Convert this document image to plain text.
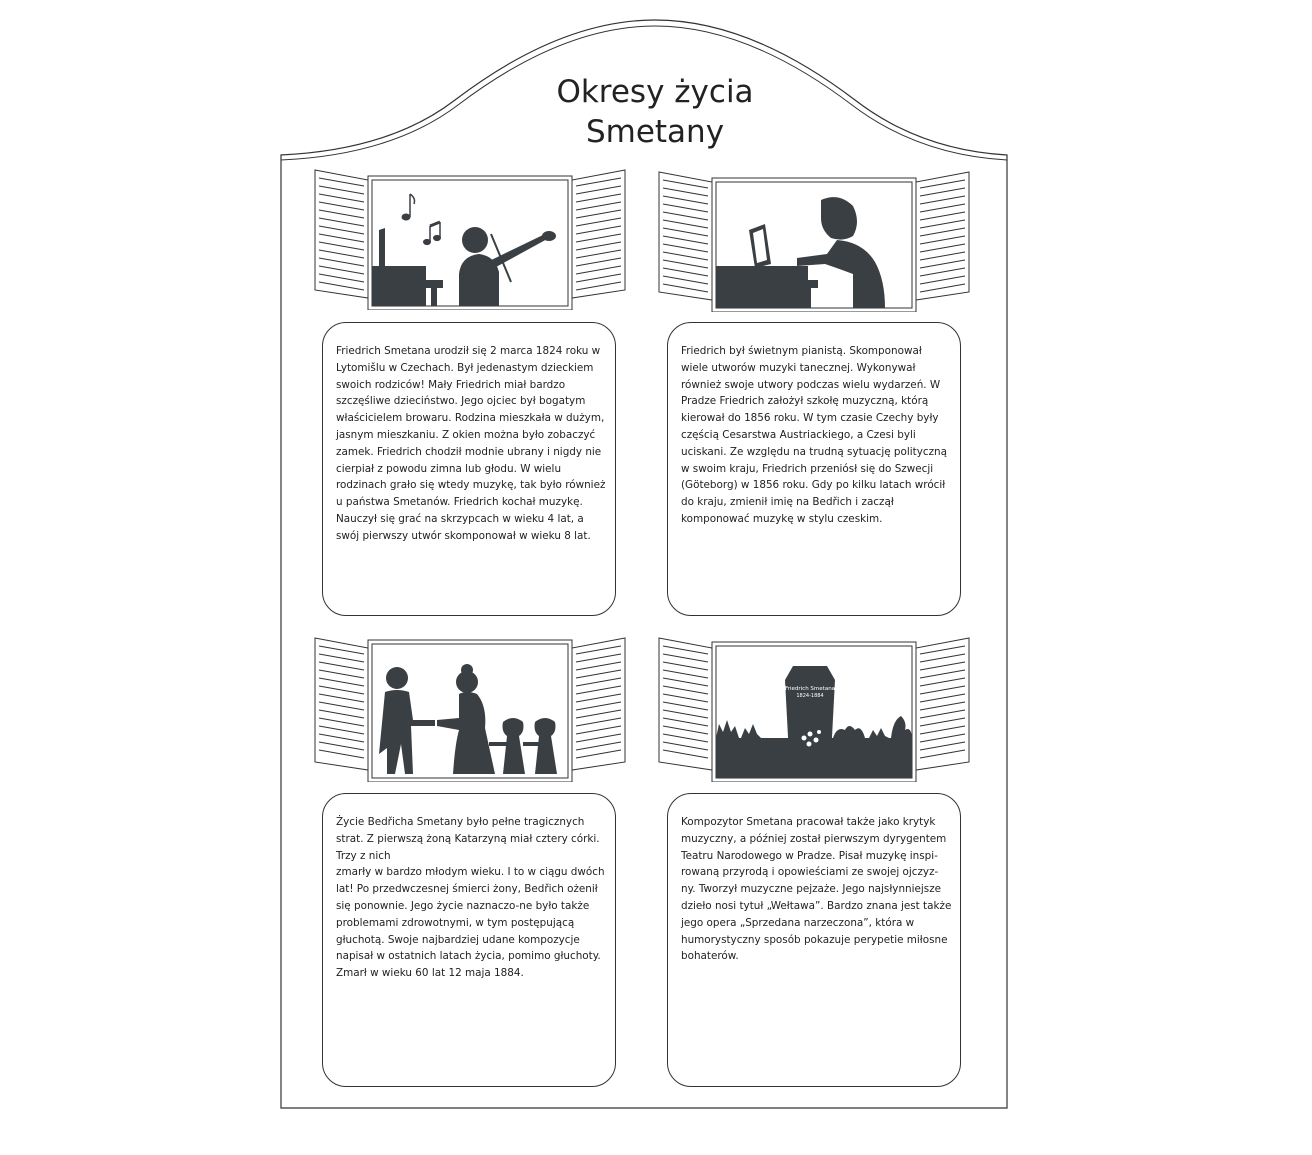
Okresy życia
Smetany
Friedrich Smetana
1824-1884
Friedrich Smetana urodził się 2 marca 1824 roku w Lytomišlu w Czechach. Był jedenastym dzieckiem swoich rodziców! Mały Friedrich miał bardzo szczęśliwe dzieciństwo. Jego ojciec był bogatym właścicielem browaru. Rodzina mieszkała w dużym, jasnym mieszkaniu. Z okien można było zobaczyć zamek. Friedrich chodził modnie ubrany i nigdy nie cierpiał z powodu zimna lub głodu. W wielu rodzinach grało się wtedy muzykę, tak było również u państwa Smetanów. Friedrich kochał muzykę. Nauczył się grać na skrzypcach w wieku 4 lat, a swój pierwszy utwór skomponował w wieku 8 lat.
Friedrich był świetnym pianistą. Skomponował wiele utworów muzyki tanecznej. Wykonywał również swoje utwory podczas wielu wydarzeń. W Pradze Friedrich założył szkołę muzyczną, którą kierował do 1856 roku. W tym czasie Czechy były częścią Cesarstwa Austriackiego, a Czesi byli uciskani. Ze względu na trudną sytuację polityczną w swoim kraju, Friedrich przeniósł się do Szwecji (Göteborg) w 1856 roku. Gdy po kilku latach wrócił do kraju, zmienił imię na Bedřich i zaczął komponować muzykę w stylu czeskim.
Życie Bedřicha Smetany było pełne tragicznych strat. Z pierwszą żoną Katarzyną miał cztery córki. Trzy z nich
zmarły w bardzo młodym wieku. I to w ciągu dwóch lat! Po przedwczesnej śmierci żony, Bedřich ożenił się ponownie. Jego życie naznaczo-ne było także problemami zdrowotnymi, w tym postępującą głuchotą. Swoje najbardziej udane kompozycje napisał w ostatnich latach życia, pomimo głuchoty. Zmarł w wieku 60 lat 12 maja 1884.
Kompozytor Smetana pracował także jako krytyk muzyczny, a później został pierwszym dyrygentem Teatru Narodowego w Pradze. Pisał muzykę inspi-rowaną przyrodą i opowieściami ze swojej ojczyz-ny. Tworzył muzyczne pejzaże. Jego najsłynniejsze dzieło nosi tytuł „Wełtawa”. Bardzo znana jest także jego opera „Sprzedana narzeczona”, która w humorystyczny sposób pokazuje perypetie miłosne bohaterów.
